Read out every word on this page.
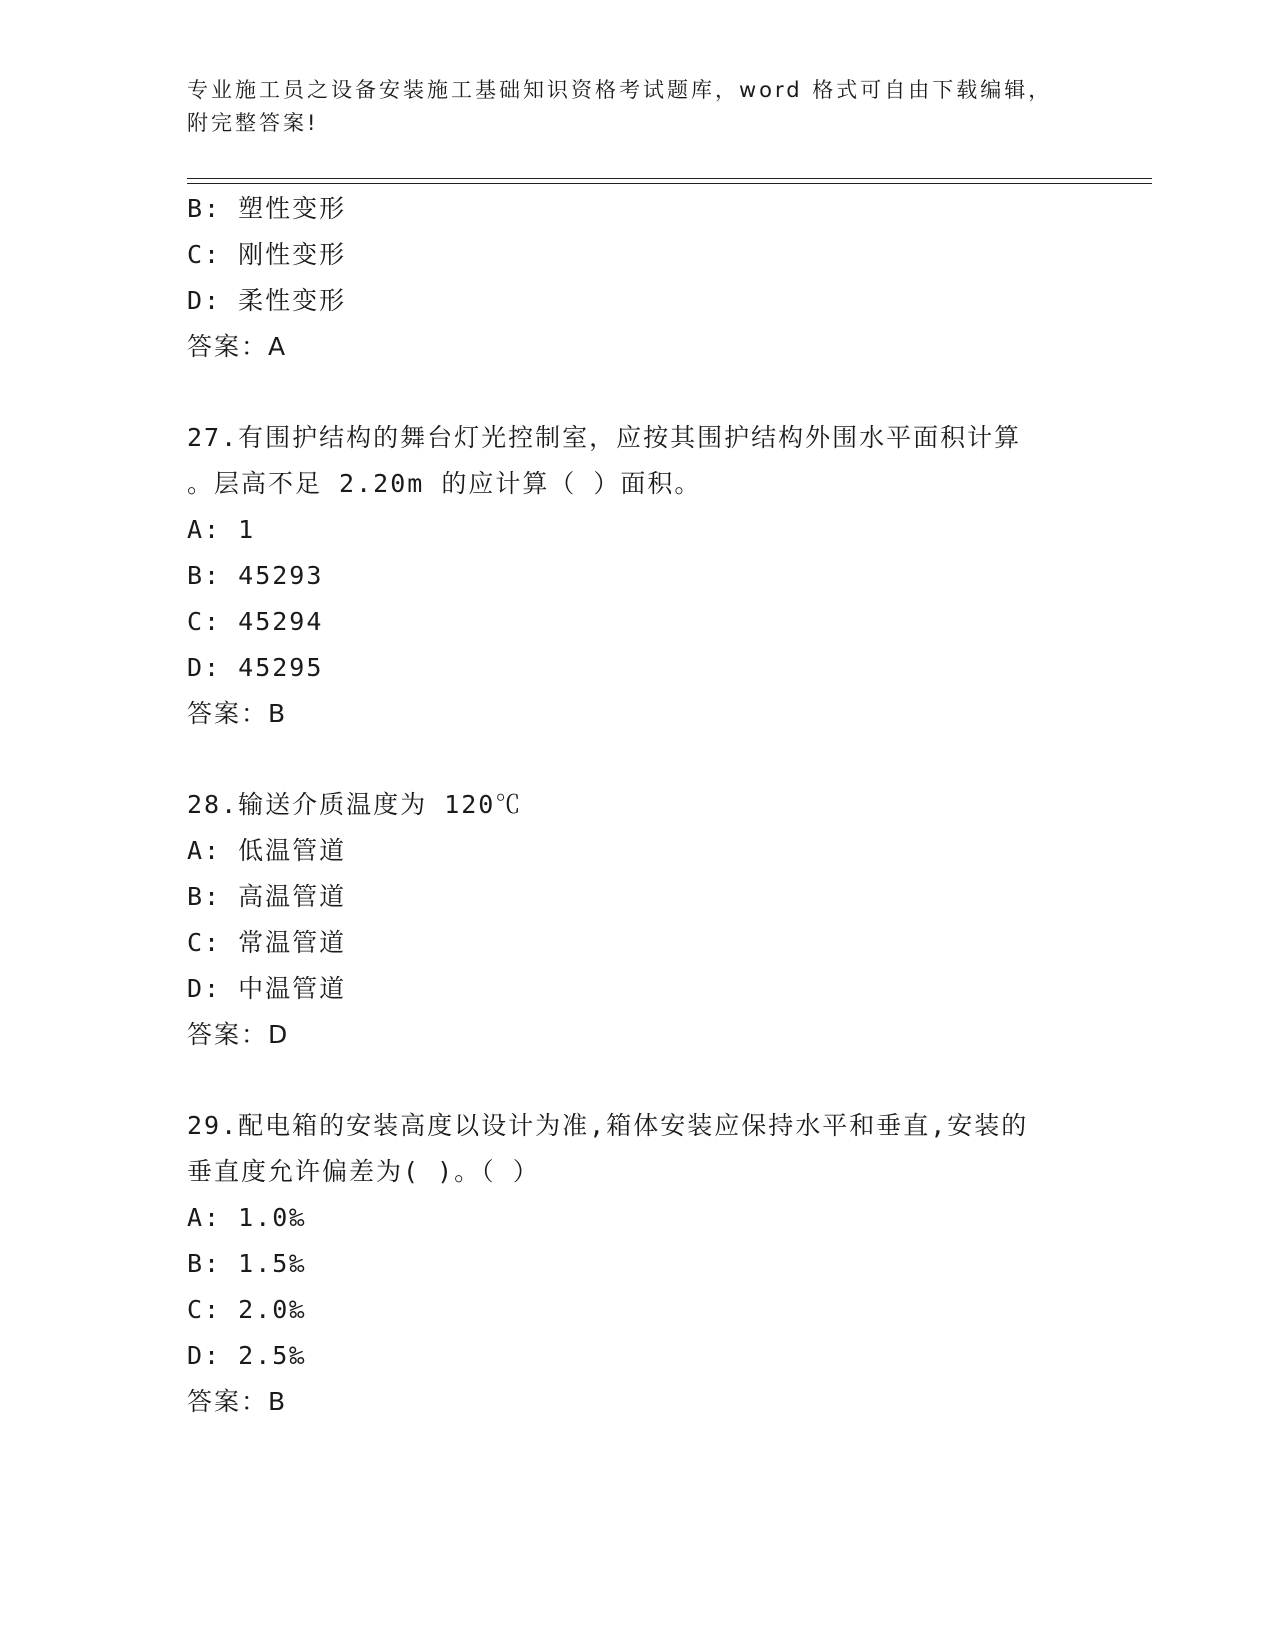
专业施工员之设备安装施工基础知识资格考试题库，word 格式可自由下载编辑，
附完整答案!
B: 塑性变形
C: 刚性变形
D: 柔性变形
答案：A
27.有围护结构的舞台灯光控制室，应按其围护结构外围水平面积计算
。层高不足 2.20m 的应计算（ ）面积。
A: 1
B: 45293
C: 45294
D: 45295
答案：B
28.输送介质温度为 120℃
A: 低温管道
B: 高温管道
C: 常温管道
D: 中温管道
答案：D
29.配电箱的安装高度以设计为准,箱体安装应保持水平和垂直,安装的
垂直度允许偏差为( )。（ ）
A: 1.0‰
B: 1.5‰
C: 2.0‰
D: 2.5‰
答案：B
